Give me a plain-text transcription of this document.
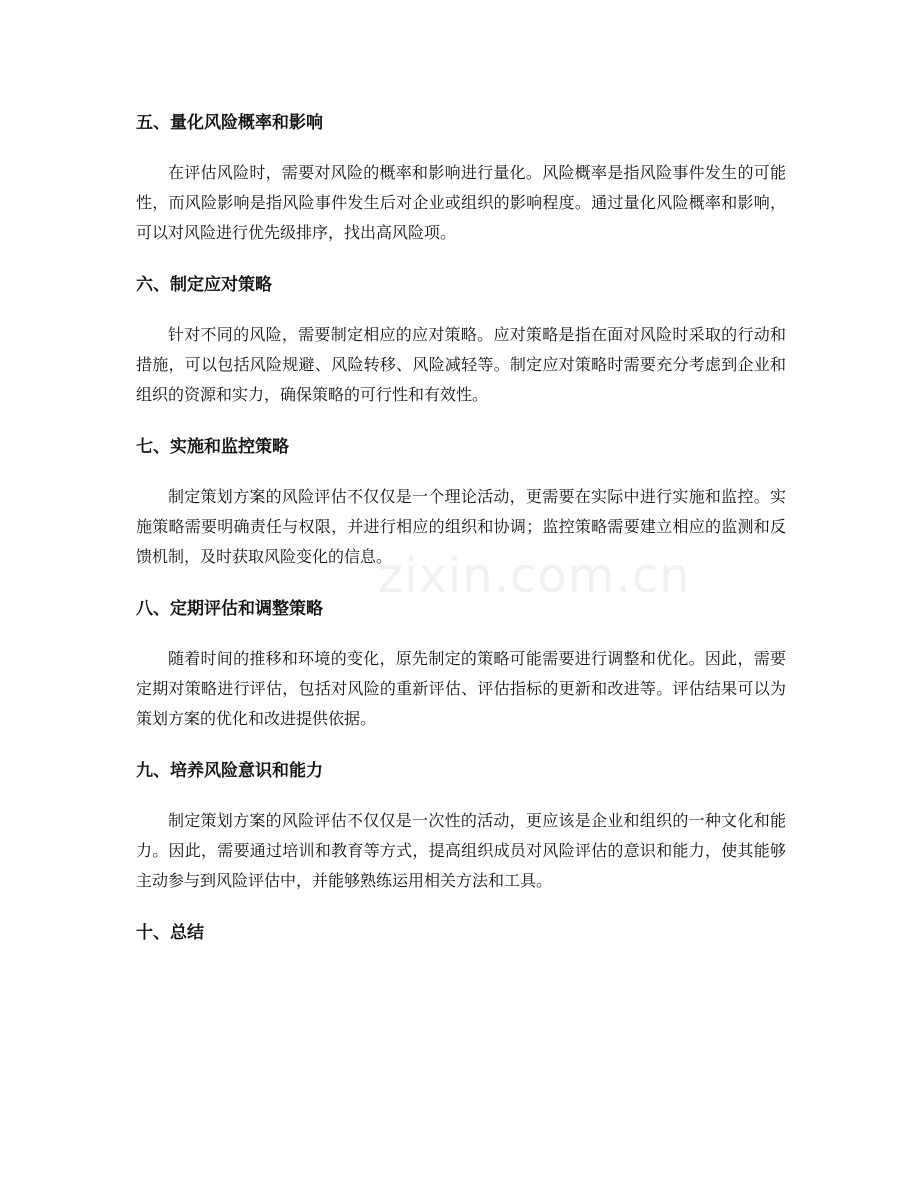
五、量化风险概率和影响

在评估风险时，需要对风险的概率和影响进行量化。风险概率是指风险事件发生的可能性，而风险影响是指风险事件发生后对企业或组织的影响程度。通过量化风险概率和影响，可以对风险进行优先级排序，找出高风险项。

六、制定应对策略

针对不同的风险，需要制定相应的应对策略。应对策略是指在面对风险时采取的行动和措施，可以包括风险规避、风险转移、风险减轻等。制定应对策略时需要充分考虑到企业和组织的资源和实力，确保策略的可行性和有效性。

七、实施和监控策略

制定策划方案的风险评估不仅仅是一个理论活动，更需要在实际中进行实施和监控。实施策略需要明确责任与权限，并进行相应的组织和协调；监控策略需要建立相应的监测和反馈机制，及时获取风险变化的信息。

八、定期评估和调整策略

随着时间的推移和环境的变化，原先制定的策略可能需要进行调整和优化。因此，需要定期对策略进行评估，包括对风险的重新评估、评估指标的更新和改进等。评估结果可以为策划方案的优化和改进提供依据。

九、培养风险意识和能力

制定策划方案的风险评估不仅仅是一次性的活动，更应该是企业和组织的一种文化和能力。因此，需要通过培训和教育等方式，提高组织成员对风险评估的意识和能力，使其能够主动参与到风险评估中，并能够熟练运用相关方法和工具。

十、总结
zixin.com.cn
